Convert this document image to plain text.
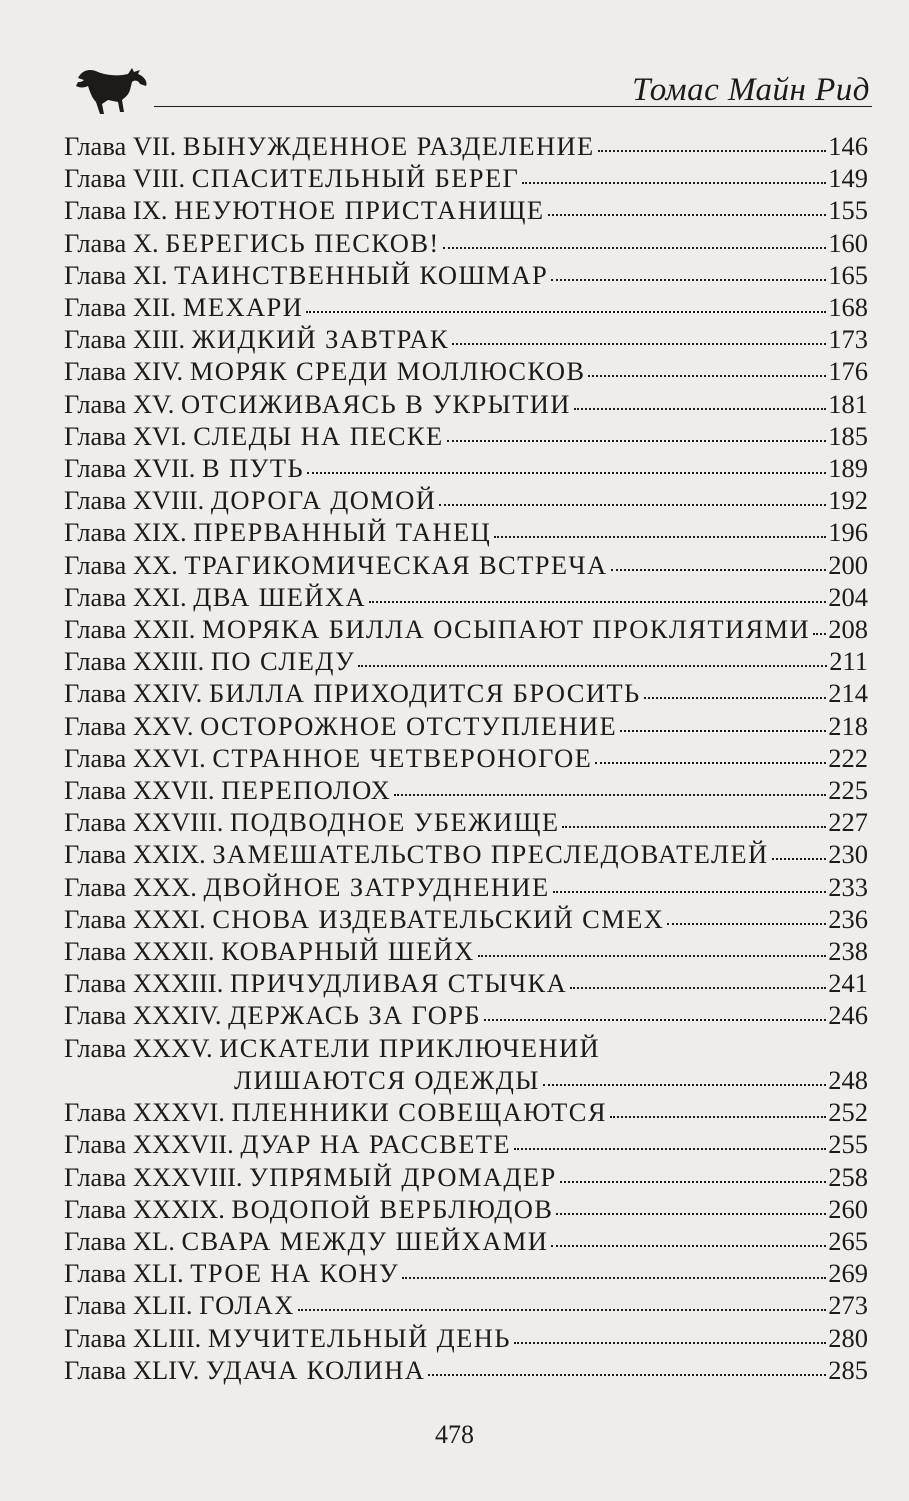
Томас Майн Рид
Глава VII. ВЫНУЖДЕННОЕ РАЗДЕЛЕНИЕ	146
Глава VIII. СПАСИТЕЛЬНЫЙ БЕРЕГ	149
Глава IX. НЕУЮТНОЕ ПРИСТАНИЩЕ	155
Глава X. БЕРЕГИСЬ ПЕСКОВ!	160
Глава XI. ТАИНСТВЕННЫЙ КОШМАР	165
Глава XII. МЕХАРИ	168
Глава XIII. ЖИДКИЙ ЗАВТРАК	173
Глава XIV. МОРЯК СРЕДИ МОЛЛЮСКОВ	176
Глава XV. ОТСИЖИВАЯСЬ В УКРЫТИИ	181
Глава XVI. СЛЕДЫ НА ПЕСКЕ	185
Глава XVII. В ПУТЬ	189
Глава XVIII. ДОРОГА ДОМОЙ	192
Глава XIX. ПРЕРВАННЫЙ ТАНЕЦ	196
Глава XX. ТРАГИКОМИЧЕСКАЯ ВСТРЕЧА	200
Глава XXI. ДВА ШЕЙХА	204
Глава XXII. МОРЯКА БИЛЛА ОСЫПАЮТ ПРОКЛЯТИЯМИ 208
Глава XXIII. ПО СЛЕДУ	211
Глава XXIV. БИЛЛА ПРИХОДИТСЯ БРОСИТЬ	214
Глава XXV. ОСТОРОЖНОЕ ОТСТУПЛЕНИЕ	218
Глава XXVI. СТРАННОЕ ЧЕТВЕРОНОГОЕ	222
Глава XXVII. ПЕРЕПОЛОХ	225
Глава XXVIII. ПОДВОДНОЕ УБЕЖИЩЕ	227
Глава XXIX. ЗАМЕШАТЕЛЬСТВО ПРЕСЛЕДОВАТЕЛЕЙ 230
Глава XXX. ДВОЙНОЕ ЗАТРУДНЕНИЕ	233
Глава XXXI. СНОВА ИЗДЕВАТЕЛЬСКИЙ СМЕХ	236
Глава XXXII. КОВАРНЫЙ ШЕЙХ	238
Глава XXXIII. ПРИЧУДЛИВАЯ СТЫЧКА	241
Глава XXXIV. ДЕРЖАСЬ ЗА ГОРБ	246
Глава XXXV. ИСКАТЕЛИ ПРИКЛЮЧЕНИЙ
ЛИШАЮТСЯ ОДЕЖДЫ	248
Глава XXXVI. ПЛЕННИКИ СОВЕЩАЮТСЯ	252
Глава XXXVII. ДУАР НА РАССВЕТЕ	255
Глава XXXVIII. УПРЯМЫЙ ДРОМАДЕР	258
Глава XXXIX. ВОДОПОЙ ВЕРБЛЮДОВ	260
Глава XL. СВАРА МЕЖДУ ШЕЙХАМИ	265
Глава XLI. ТРОЕ НА КОНУ	269
Глава XLII. ГОЛАХ	273
Глава XLIII. МУЧИТЕЛЬНЫЙ ДЕНЬ	280
Глава XLIV. УДАЧА КОЛИНА	285
478
